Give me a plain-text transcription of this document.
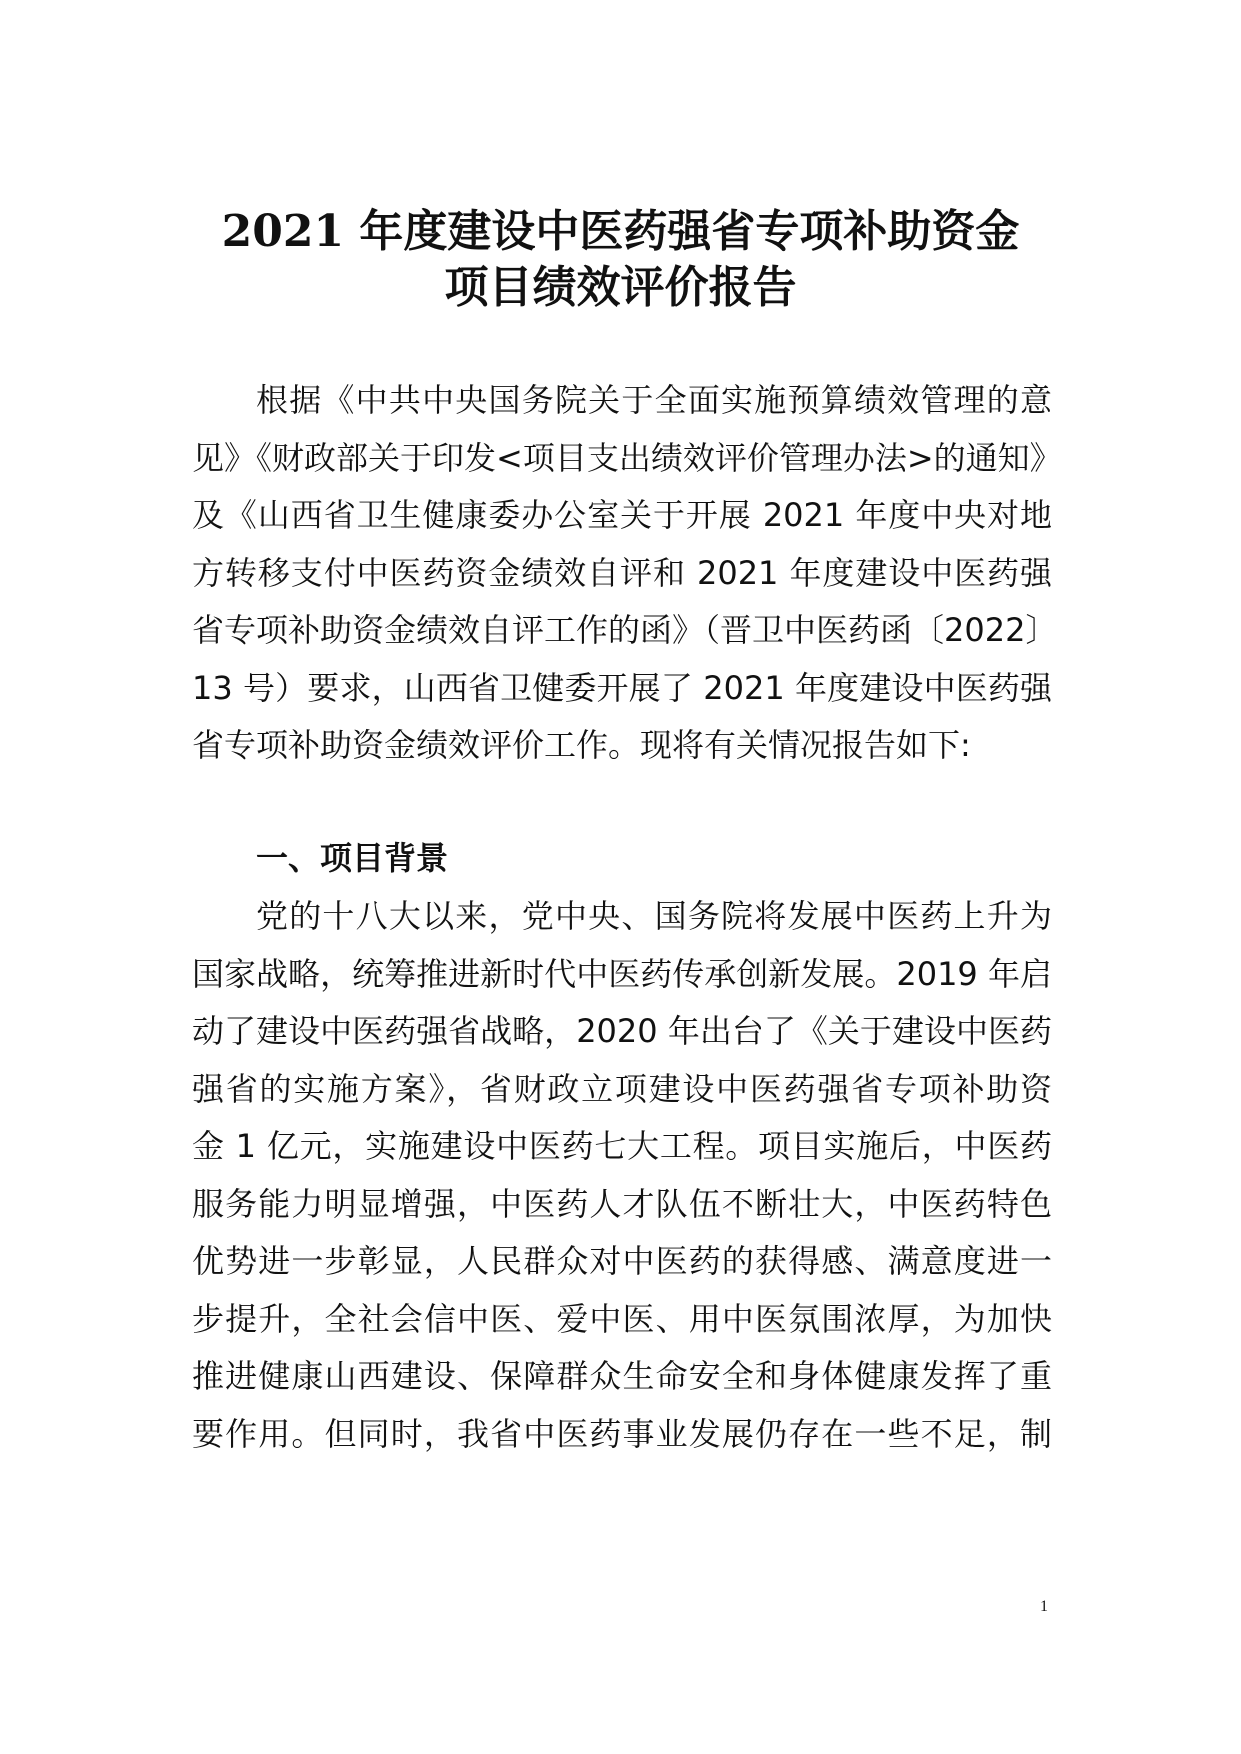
2021 年度建设中医药强省专项补助资金
项目绩效评价报告
根据《中共中央国务院关于全面实施预算绩效管理的意
见》《财政部关于印发<项目支出绩效评价管理办法>的通知》
及《山西省卫生健康委办公室关于开展 2021 年度中央对地
方转移支付中医药资金绩效自评和 2021 年度建设中医药强
省专项补助资金绩效自评工作的函》（晋卫中医药函〔2022〕
13 号）要求，山西省卫健委开展了 2021 年度建设中医药强
省专项补助资金绩效评价工作。现将有关情况报告如下:
一、项目背景
党的十八大以来，党中央、国务院将发展中医药上升为
国家战略，统筹推进新时代中医药传承创新发展。2019 年启
动了建设中医药强省战略，2020 年出台了《关于建设中医药
强省的实施方案》，省财政立项建设中医药强省专项补助资
金 1 亿元，实施建设中医药七大工程。项目实施后，中医药
服务能力明显增强，中医药人才队伍不断壮大，中医药特色
优势进一步彰显，人民群众对中医药的获得感、满意度进一
步提升，全社会信中医、爱中医、用中医氛围浓厚，为加快
推进健康山西建设、保障群众生命安全和身体健康发挥了重
要作用。但同时，我省中医药事业发展仍存在一些不足，制
1
